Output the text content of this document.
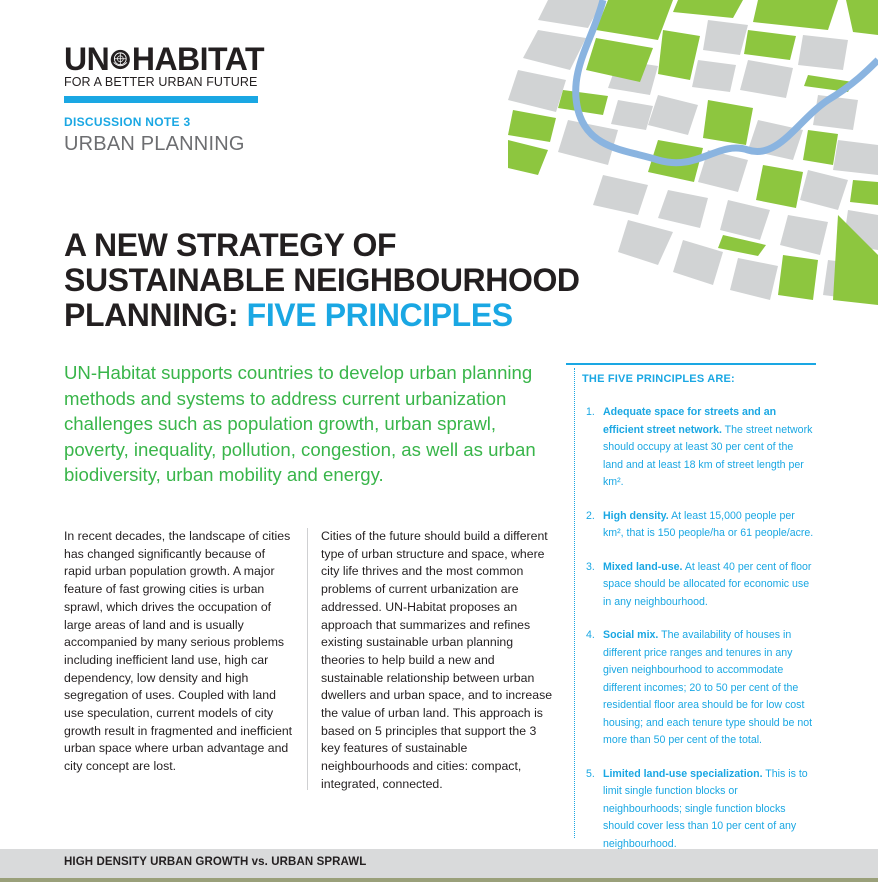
UN HABITAT
FOR A BETTER URBAN FUTURE
DISCUSSION NOTE 3
URBAN PLANNING
A NEW STRATEGY OF
SUSTAINABLE NEIGHBOURHOOD
PLANNING: FIVE PRINCIPLES

UN-Habitat supports countries to develop urban planning methods and systems to address current urbanization challenges such as population growth, urban sprawl, poverty, inequality, pollution, congestion, as well as urban biodiversity, urban mobility and energy.

In recent decades, the landscape of cities has changed significantly because of rapid urban population growth. A major feature of fast growing cities is urban sprawl, which drives the occupation of large areas of land and is usually accompanied by many serious problems including inefficient land use, high car dependency, low density and high segregation of uses. Coupled with land use speculation, current models of city growth result in fragmented and inefficient urban space where urban advantage and city concept are lost.

Cities of the future should build a different type of urban structure and space, where city life thrives and the most common problems of current urbanization are addressed. UN-Habitat proposes an approach that summarizes and refines existing sustainable urban planning theories to help build a new and sustainable relationship between urban dwellers and urban space, and to increase the value of urban land. This approach is based on 5 principles that support the 3 key features of sustainable neighbourhoods and cities: compact, integrated, connected.

THE FIVE PRINCIPLES ARE:
1. Adequate space for streets and an efficient street network. The street network should occupy at least 30 per cent of the land and at least 18 km of street length per km².
2. High density. At least 15,000 people per km², that is 150 people/ha or 61 people/acre.
3. Mixed land-use. At least 40 per cent of floor space should be allocated for economic use in any neighbourhood.
4. Social mix. The availability of houses in different price ranges and tenures in any given neighbourhood to accommodate different incomes; 20 to 50 per cent of the residential floor area should be for low cost housing; and each tenure type should be not more than 50 per cent of the total.
5. Limited land-use specialization. This is to limit single function blocks or neighbourhoods; single function blocks should cover less than 10 per cent of any neighbourhood.
HIGH DENSITY URBAN GROWTH vs. URBAN SPRAWL
